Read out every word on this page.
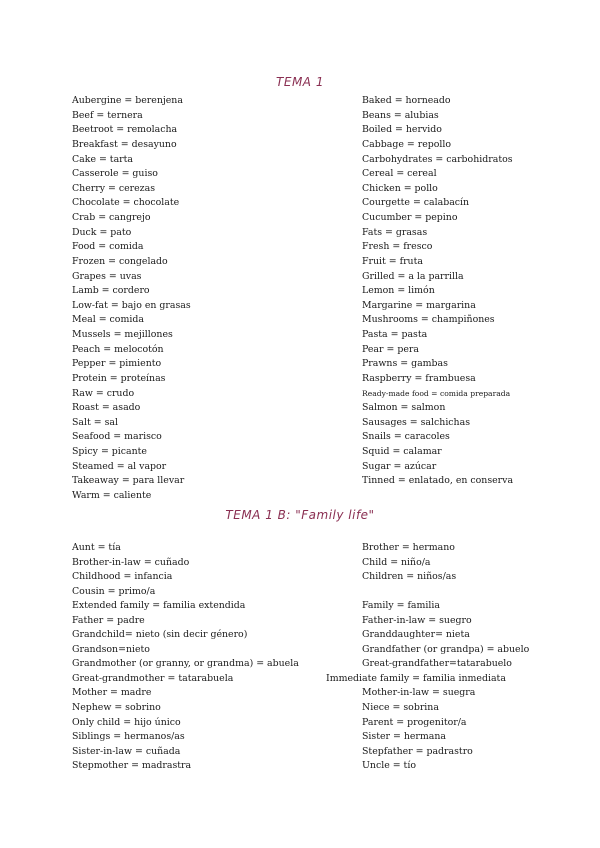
TEMA 1
Aubergine = berenjena
Beef = ternera
Beetroot = remolacha
Breakfast = desayuno
Cake = tarta
Casserole = guiso
Cherry = cerezas
Chocolate = chocolate
Crab = cangrejo
Duck = pato
Food = comida
Frozen = congelado
Grapes = uvas
Lamb = cordero
Low-fat = bajo en grasas
Meal = comida
Mussels = mejillones
Peach = melocotón
Pepper = pimiento
Protein = proteínas
Raw = crudo
Roast = asado
Salt = sal
Seafood = marisco
Spicy = picante
Steamed = al vapor
Takeaway = para llevar
Warm = caliente
Baked = horneado
Beans = alubias
Boiled = hervido
Cabbage = repollo
Carbohydrates = carbohidratos
Cereal = cereal
Chicken = pollo
Courgette = calabacín
Cucumber = pepino
Fats = grasas
Fresh = fresco
Fruit = fruta
Grilled = a la parrilla
Lemon = limón
Margarine = margarina
Mushrooms = champiñones
Pasta = pasta
Pear = pera
Prawns = gambas
Raspberry = frambuesa
Ready-made food = comida preparada
Salmon = salmon
Sausages = salchichas
Snails = caracoles
Squid = calamar
Sugar = azúcar
Tinned = enlatado, en conserva
TEMA 1 B: "Family life"
Aunt = tía
Brother-in-law = cuñado
Childhood = infancia
Cousin = primo/a
Extended family = familia extendida
Father = padre
Grandchild= nieto (sin decir género)
Grandson=nieto
Grandmother (or granny, or grandma) = abuela
Great-grandmother = tatarabuela
Mother = madre
Nephew = sobrino
Only child = hijo único
Siblings = hermanos/as
Sister-in-law = cuñada
Stepmother = madrastra
Brother = hermano
Child = niño/a
Children = niños/as
Family = familia
Father-in-law = suegro
Granddaughter= nieta
Grandfather (or grandpa) = abuelo
Great-grandfather=tatarabuelo
Immediate family = familia inmediata
Mother-in-law = suegra
Niece = sobrina
Parent = progenitor/a
Sister = hermana
Stepfather = padrastro
Uncle = tío
